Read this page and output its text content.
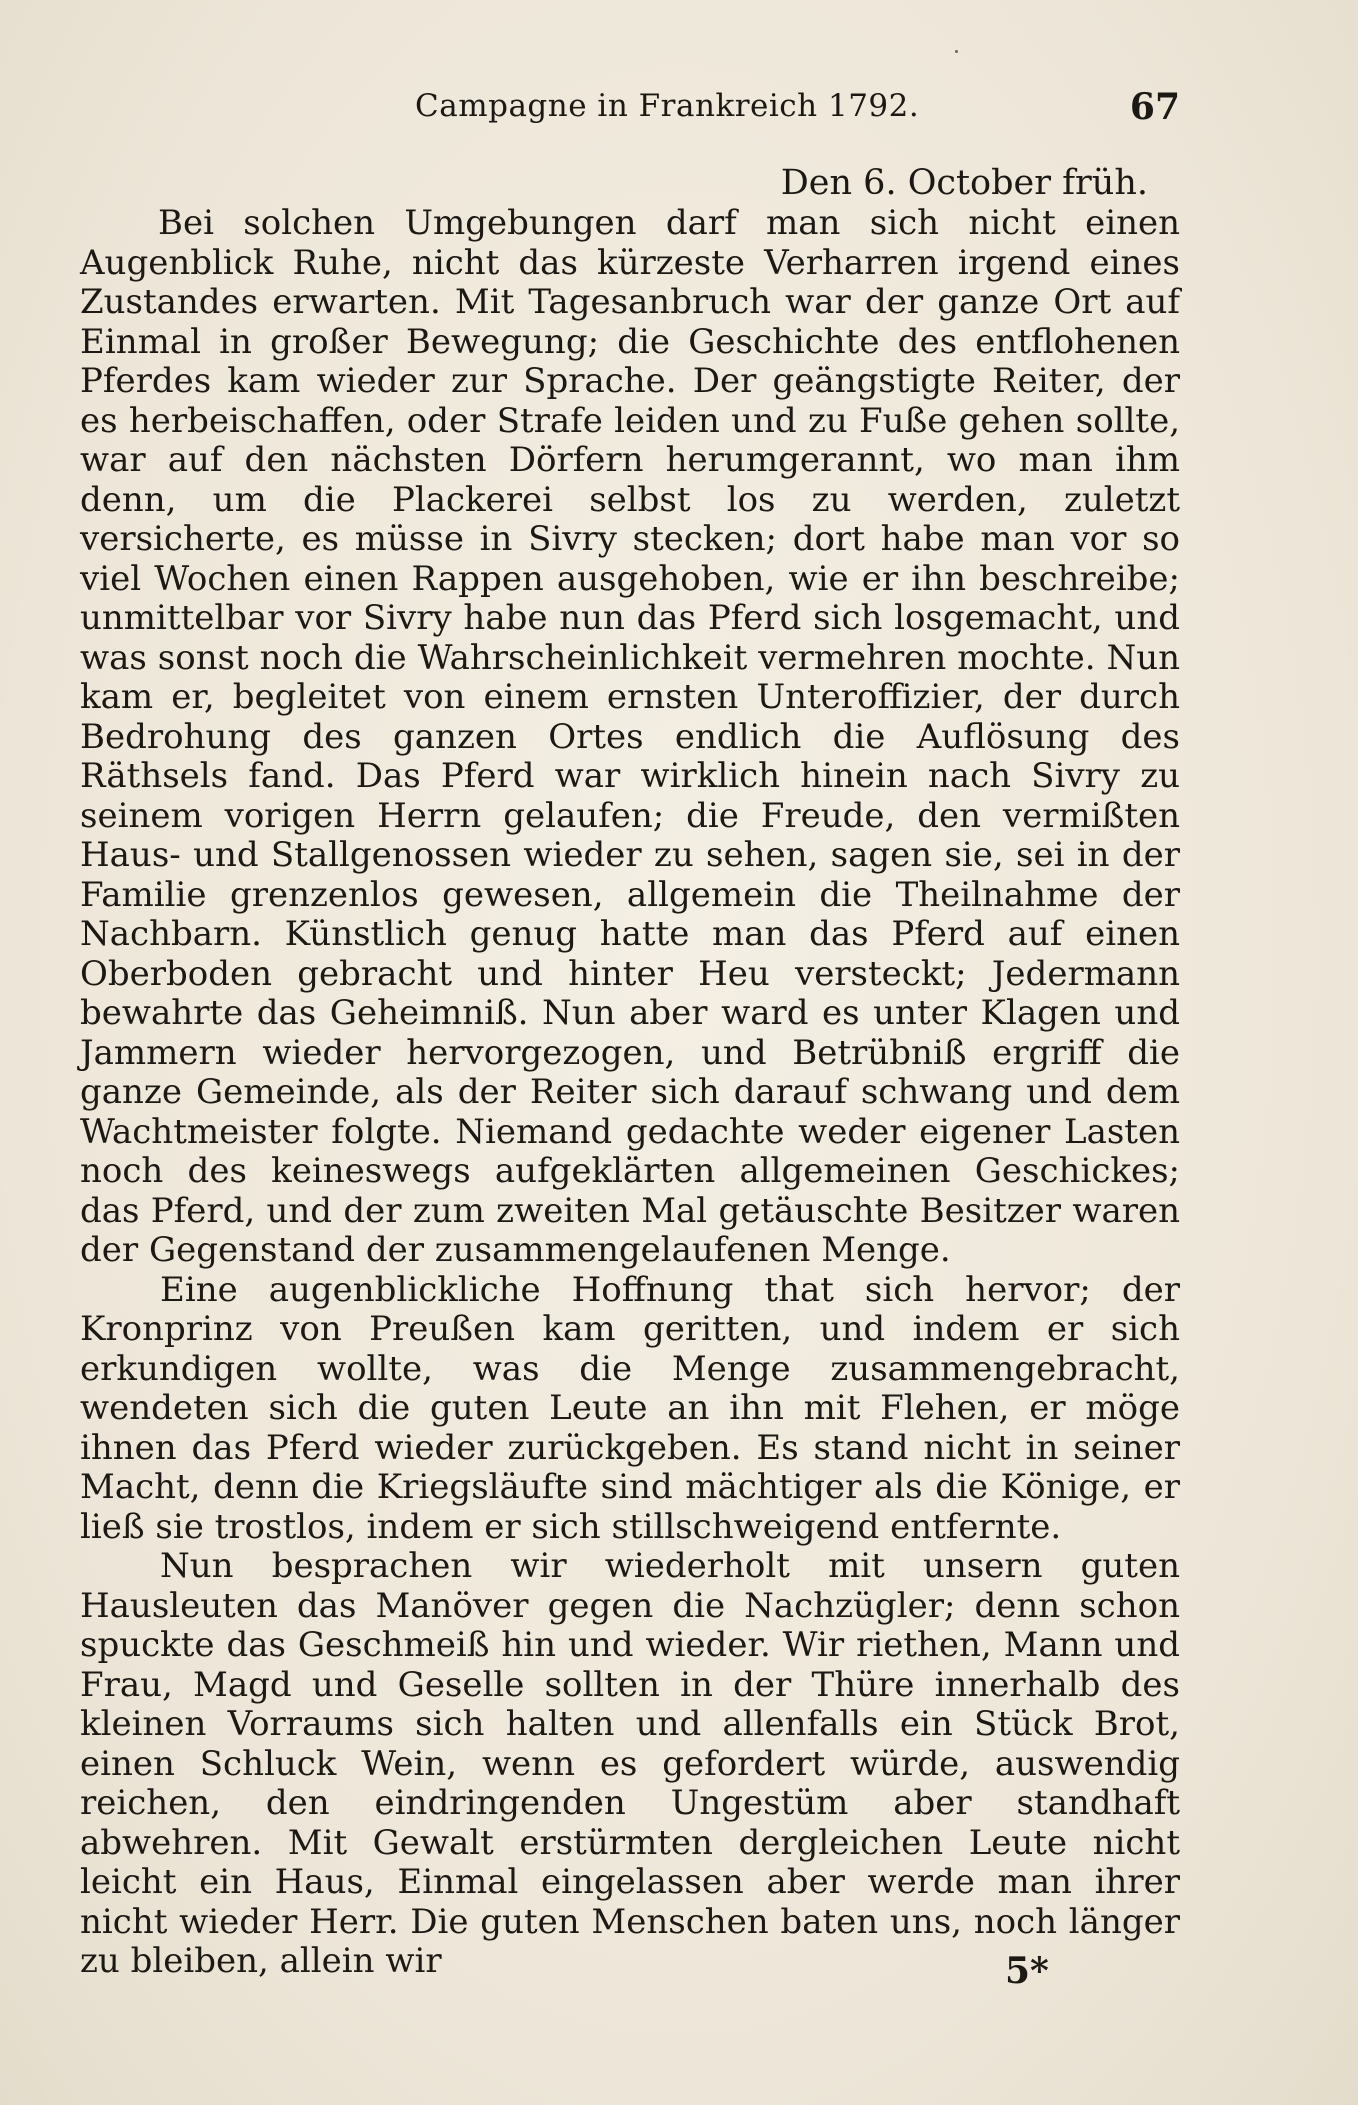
Campagne in Frankreich 1792.	67
Den 6. October früh.

Bei solchen Umgebungen darf man sich nicht einen Augenblick Ruhe, nicht das kürzeste Verharren irgend eines Zustandes erwarten. Mit Tagesanbruch war der ganze Ort auf Einmal in großer Bewegung; die Geschichte des entflohenen Pferdes kam wieder zur Sprache. Der geängstigte Reiter, der es herbeischaffen, oder Strafe leiden und zu Fuße gehen sollte, war auf den nächsten Dörfern herumgerannt, wo man ihm denn, um die Plackerei selbst los zu werden, zuletzt versicherte, es müsse in Sivry stecken; dort habe man vor so viel Wochen einen Rappen ausgehoben, wie er ihn beschreibe; unmittelbar vor Sivry habe nun das Pferd sich losgemacht, und was sonst noch die Wahrscheinlichkeit vermehren mochte. Nun kam er, begleitet von einem ernsten Unteroffizier, der durch Bedrohung des ganzen Ortes endlich die Auflösung des Räthsels fand. Das Pferd war wirklich hinein nach Sivry zu seinem vorigen Herrn gelaufen; die Freude, den vermißten Haus- und Stallgenossen wieder zu sehen, sagen sie, sei in der Familie grenzenlos gewesen, allgemein die Theilnahme der Nachbarn. Künstlich genug hatte man das Pferd auf einen Oberboden gebracht und hinter Heu versteckt; Jedermann bewahrte das Geheimniß. Nun aber ward es unter Klagen und Jammern wieder hervorgezogen, und Betrübniß ergriff die ganze Gemeinde, als der Reiter sich darauf schwang und dem Wachtmeister folgte. Niemand gedachte weder eigener Lasten noch des keineswegs aufgeklärten allgemeinen Geschickes; das Pferd, und der zum zweiten Mal getäuschte Besitzer waren der Gegenstand der zusammengelaufenen Menge.

Eine augenblickliche Hoffnung that sich hervor; der Kronprinz von Preußen kam geritten, und indem er sich erkundigen wollte, was die Menge zusammengebracht, wendeten sich die guten Leute an ihn mit Flehen, er möge ihnen das Pferd wieder zurückgeben. Es stand nicht in seiner Macht, denn die Kriegsläufte sind mächtiger als die Könige, er ließ sie trostlos, indem er sich stillschweigend entfernte.

Nun besprachen wir wiederholt mit unsern guten Hausleuten das Manöver gegen die Nachzügler; denn schon spuckte das Geschmeiß hin und wieder. Wir riethen, Mann und Frau, Magd und Geselle sollten in der Thüre innerhalb des kleinen Vorraums sich halten und allenfalls ein Stück Brot, einen Schluck Wein, wenn es gefordert würde, auswendig reichen, den eindringenden Ungestüm aber standhaft abwehren. Mit Gewalt erstürmten dergleichen Leute nicht leicht ein Haus, Einmal eingelassen aber werde man ihrer nicht wieder Herr. Die guten Menschen baten uns, noch länger zu bleiben, allein wir	5*
